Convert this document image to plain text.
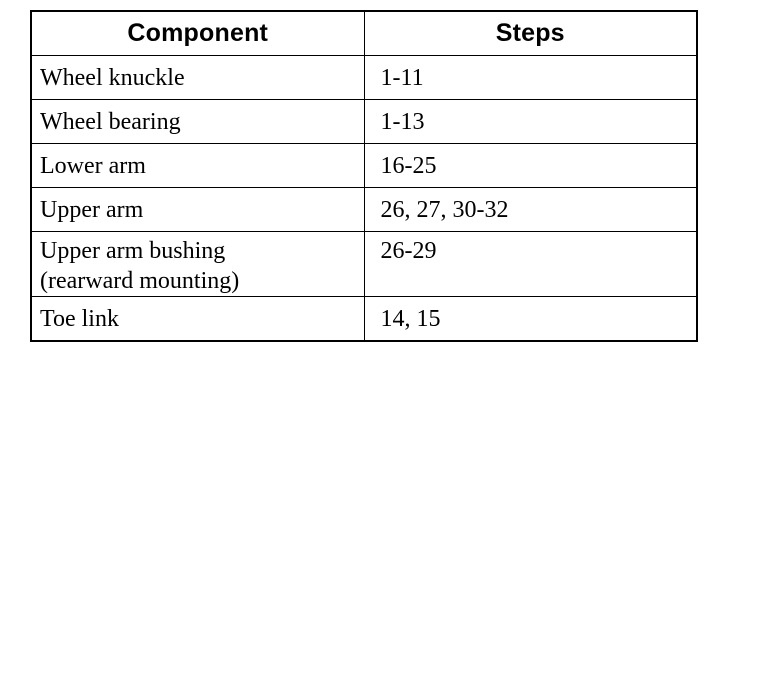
Component	Steps

Wheel knuckle	1-11

Wheel bearing	1-13

Lower arm	16-25

Upper arm	26, 27, 30-32

Upper arm bushing
(rearward mounting)	26-29

Toe link	14, 15
